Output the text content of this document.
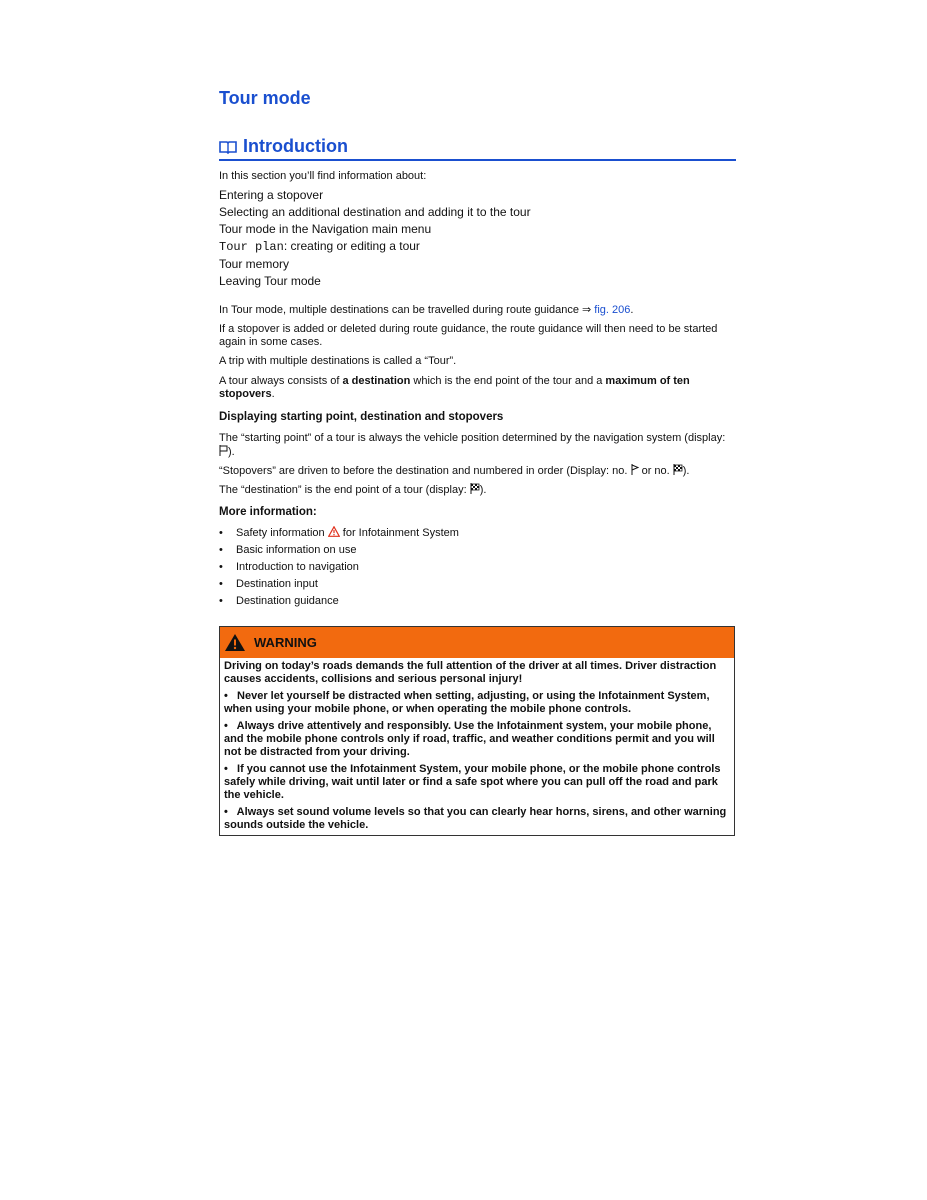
Tour mode
Introduction

In this section you’ll find information about:

Entering a stopover
Selecting an additional destination and adding it to the tour
Tour mode in the Navigation main menu
Tour plan: creating or editing a tour
Tour memory
Leaving Tour mode

In Tour mode, multiple destinations can be travelled during route guidance ⇒ fig. 206.

If a stopover is added or deleted during route guidance, the route guidance will then need to be started again in some cases.

A trip with multiple destinations is called a “Tour”.

A tour always consists of a destination which is the end point of the tour and a maximum of ten stopovers.

Displaying starting point, destination and stopovers

The “starting point” of a tour is always the vehicle position determined by the navigation system (display: ).

“Stopovers” are driven to before the destination and numbered in order (Display: no.  or no. ).

The “destination” is the end point of a tour (display: ).

More information:
• Safety information  for Infotainment System
• Basic information on use
• Introduction to navigation
• Destination input
• Destination guidance
WARNING

Driving on today’s roads demands the full attention of the driver at all times. Driver distraction causes accidents, collisions and serious personal injury!

•   Never let yourself be distracted when setting, adjusting, or using the Infotainment System, when using your mobile phone, or when operating the mobile phone controls.

•   Always drive attentively and responsibly. Use the Infotainment system, your mobile phone, and the mobile phone controls only if road, traffic, and weather conditions permit and you will not be distracted from your driving.

•   If you cannot use the Infotainment System, your mobile phone, or the mobile phone controls safely while driving, wait until later or find a safe spot where you can pull off the road and park the vehicle.

•   Always set sound volume levels so that you can clearly hear horns, sirens, and other warning sounds outside the vehicle.
